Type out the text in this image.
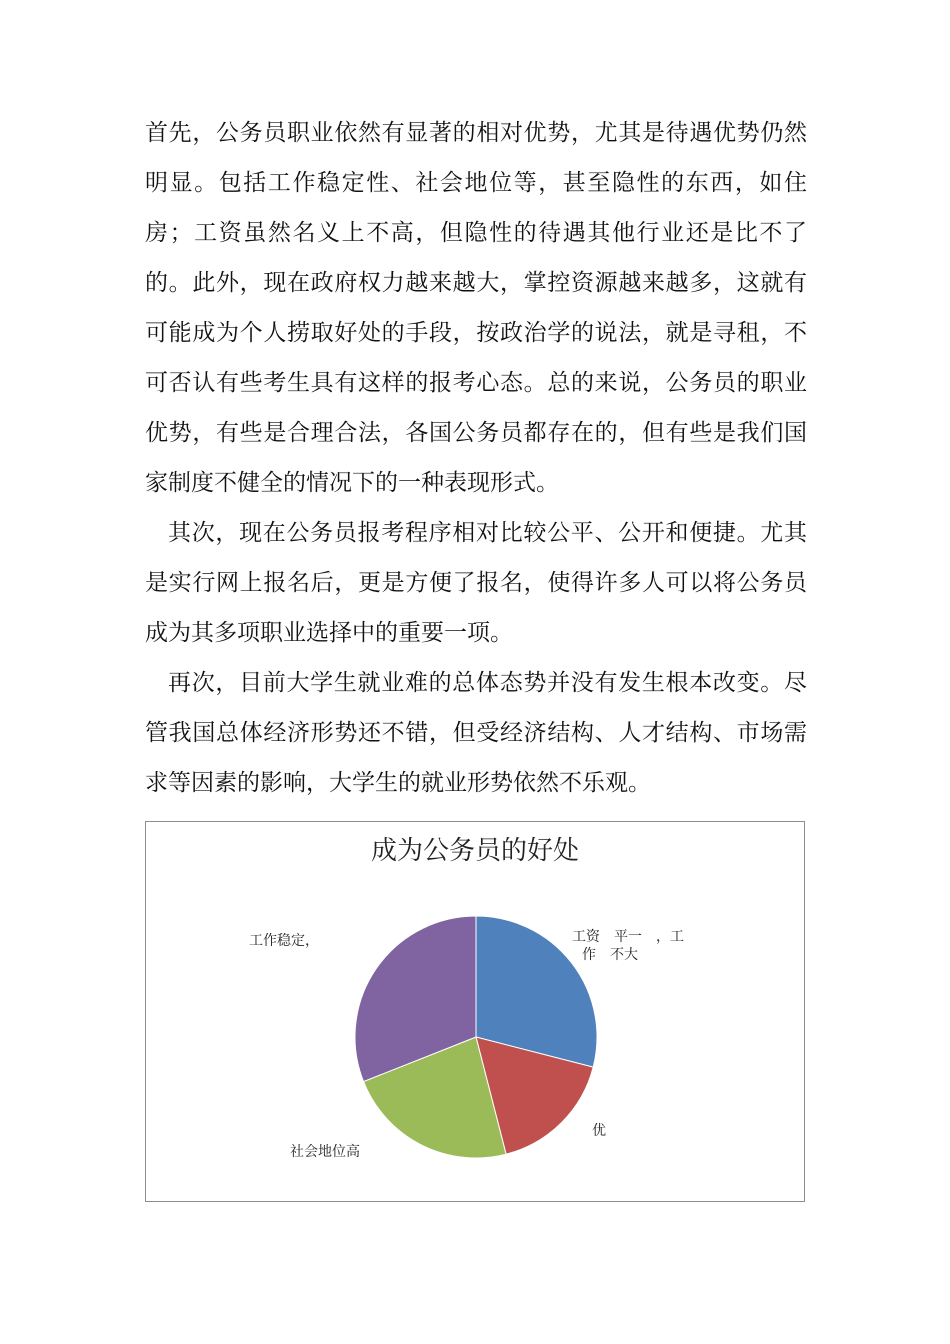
首先，公务员职业依然有显著的相对优势，尤其是待遇优势仍然明显。包括工作稳定性、社会地位等，甚至隐性的东西，如住房；工资虽然名义上不高，但隐性的待遇其他行业还是比不了的。此外，现在政府权力越来越大，掌控资源越来越多，这就有可能成为个人捞取好处的手段，按政治学的说法，就是寻租，不可否认有些考生具有这样的报考心态。总的来说，公务员的职业优势，有些是合理合法，各国公务员都存在的，但有些是我们国家制度不健全的情况下的一种表现形式。

其次，现在公务员报考程序相对比较公平、公开和便捷。尤其是实行网上报名后，更是方便了报名，使得许多人可以将公务员成为其多项职业选择中的重要一项。

再次，目前大学生就业难的总体态势并没有发生根本改变。尽管我国总体经济形势还不错，但受经济结构、人才结构、市场需求等因素的影响，大学生的就业形势依然不乐观。

成为公务员的好处
工资　平一　，工作　不大
优
社会地位高
工作稳定，
